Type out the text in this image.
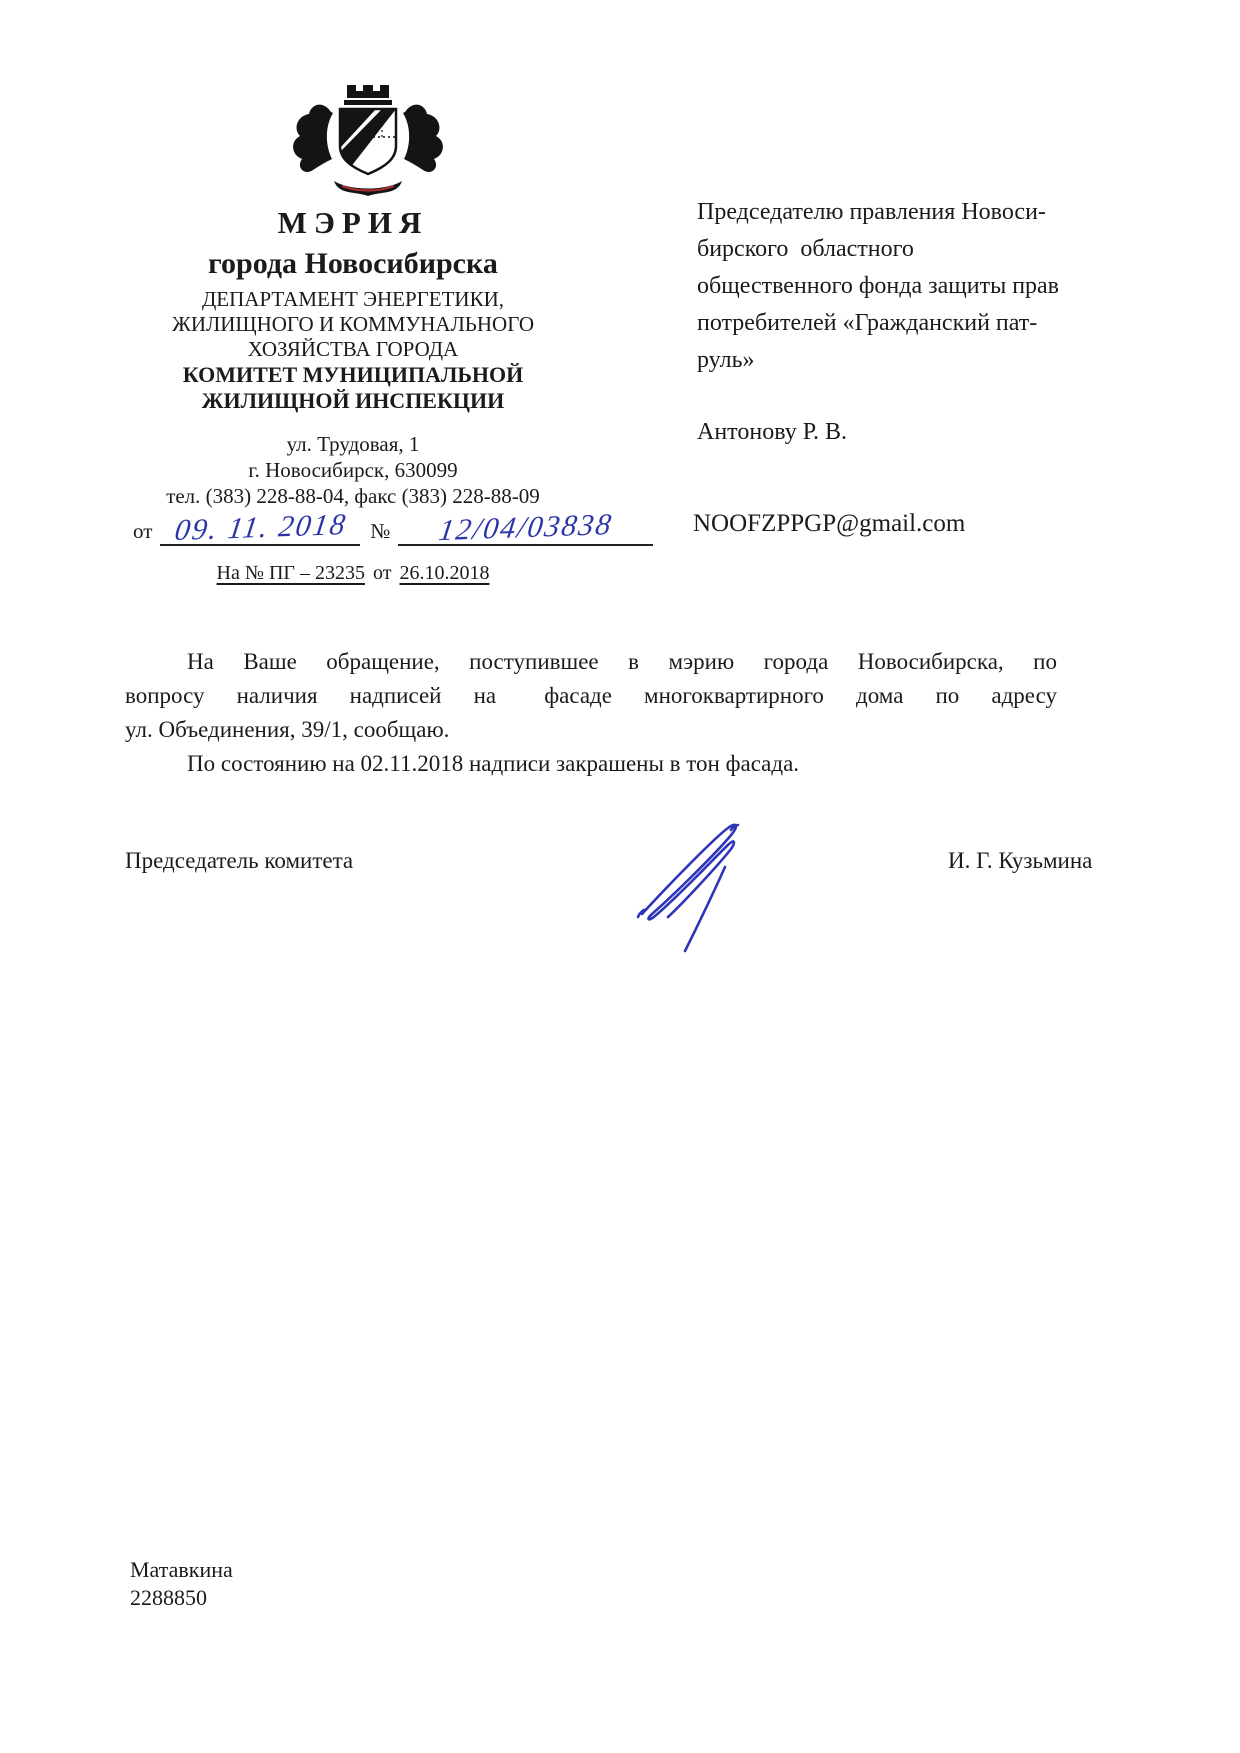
МЭРИЯ
города Новосибирска
ДЕПАРТАМЕНТ ЭНЕРГЕТИКИ,
ЖИЛИЩНОГО И КОММУНАЛЬНОГО
ХОЗЯЙСТВА ГОРОДА
КОМИТЕТ МУНИЦИПАЛЬНОЙ
ЖИЛИЩНОЙ ИНСПЕКЦИИ
ул. Трудовая, 1
г. Новосибирск, 630099
тел. (383) 228-88-04, факс (383) 228-88-09
от 09. 11. 2018	№	12/04/03838
На № ПГ – 23235 от 26.10.2018
Председателю правления Новоси-
бирского  областного
общественного фонда защиты прав
потребителей «Гражданский пат-
руль»
Антонову Р. В.
NOOFZPPGP@gmail.com
На  Ваше  обращение,  поступившее  в  мэрию  города  Новосибирска,  по
вопросу  наличия  надписей  на   фасаде  многоквартирного  дома  по  адресу
ул. Объединения, 39/1, сообщаю.
По состоянию на 02.11.2018 надписи закрашены в тон фасада.
Председатель комитета	И. Г. Кузьмина
Матавкина
2288850
